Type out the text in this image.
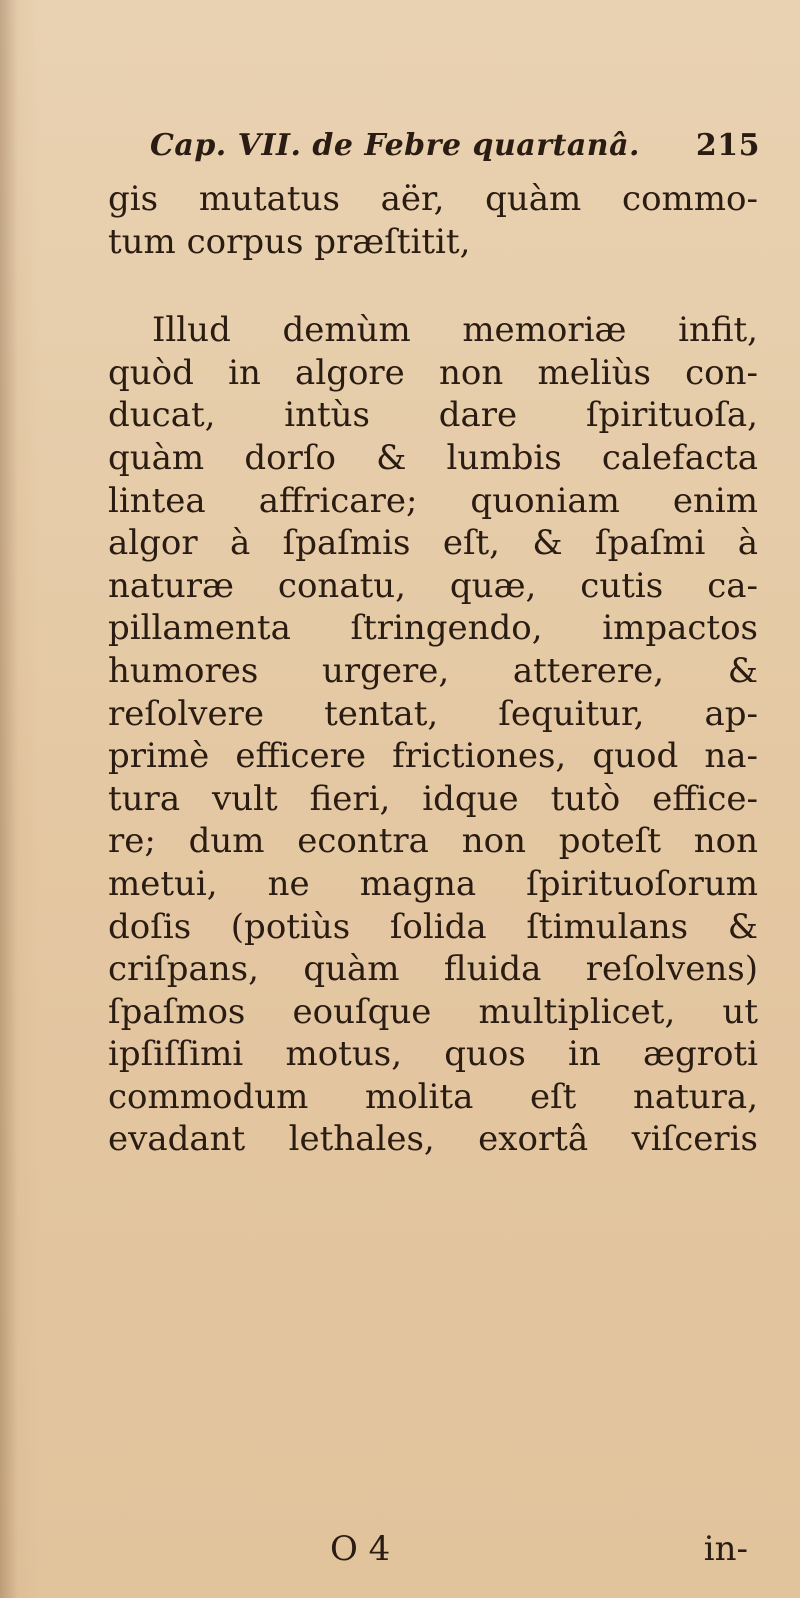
Cap. VII. de Febre quartanâ. 215
gis mutatus aër, quàm commo-
tum corpus præſtitit,
Illud demùm memoriæ infit,
quòd in algore non meliùs con-
ducat, intùs dare ſpirituoſa,
quàm dorſo & lumbis calefacta
lintea affricare; quoniam enim
algor à ſpaſmis eſt, & ſpaſmi à
naturæ conatu, quæ, cutis ca-
pillamenta ſtringendo, impactos
humores urgere, atterere, &
reſolvere tentat, ſequitur, ap-
primè efficere frictiones, quod na-
tura vult fieri, idque tutò effice-
re; dum econtra non poteſt non
metui, ne magna ſpirituoſorum
doſis (potiùs ſolida ſtimulans &
criſpans, quàm fluida reſolvens)
ſpaſmos eouſque multiplicet, ut
ipſiſſimi motus, quos in ægroti
commodum molita eſt natura,
evadant lethales, exortâ viſceris
O 4	in-
